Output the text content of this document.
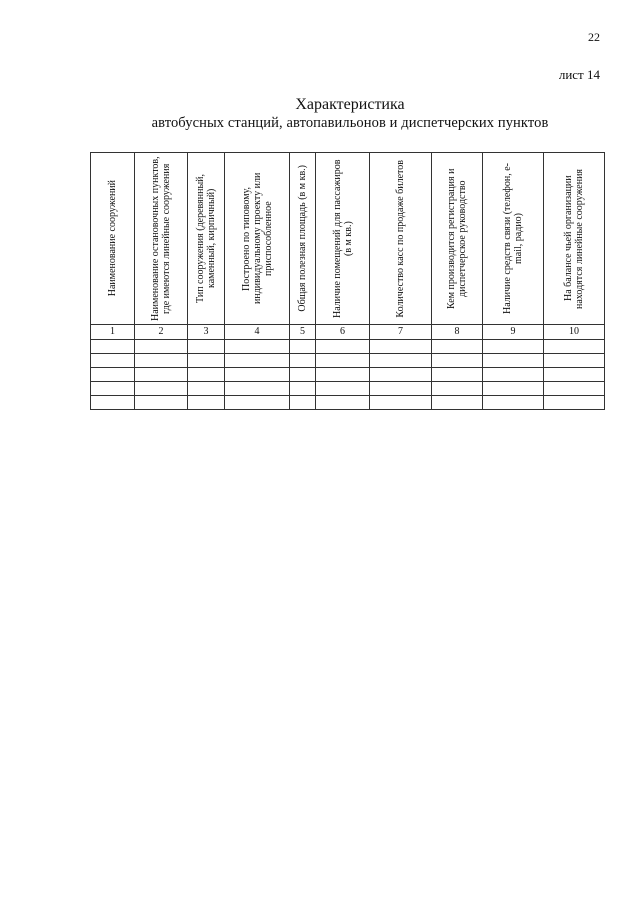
22
лист 14
Характеристика
автобусных станций, автопавильонов и диспетчерских пунктов
Наименование сооружений	Наименование остановочных пунктов, где имеются линейные сооружения	Тип сооружения (деревянный, каменный, кирпичный)	Построено по типовому, индивидуальному проекту или приспособленное	Общая полезная площадь (в м кв.)	Наличие помещений для пассажиров (в м кв.)	Количество касс по продаже билетов	Кем производится регистрация и диспетчерское руководство	Наличие средств связи (телефон, e-mail, радио)	На балансе чьей организации находятся линейные сооружения

1	2	3	4	5	6	7	8	9	10
